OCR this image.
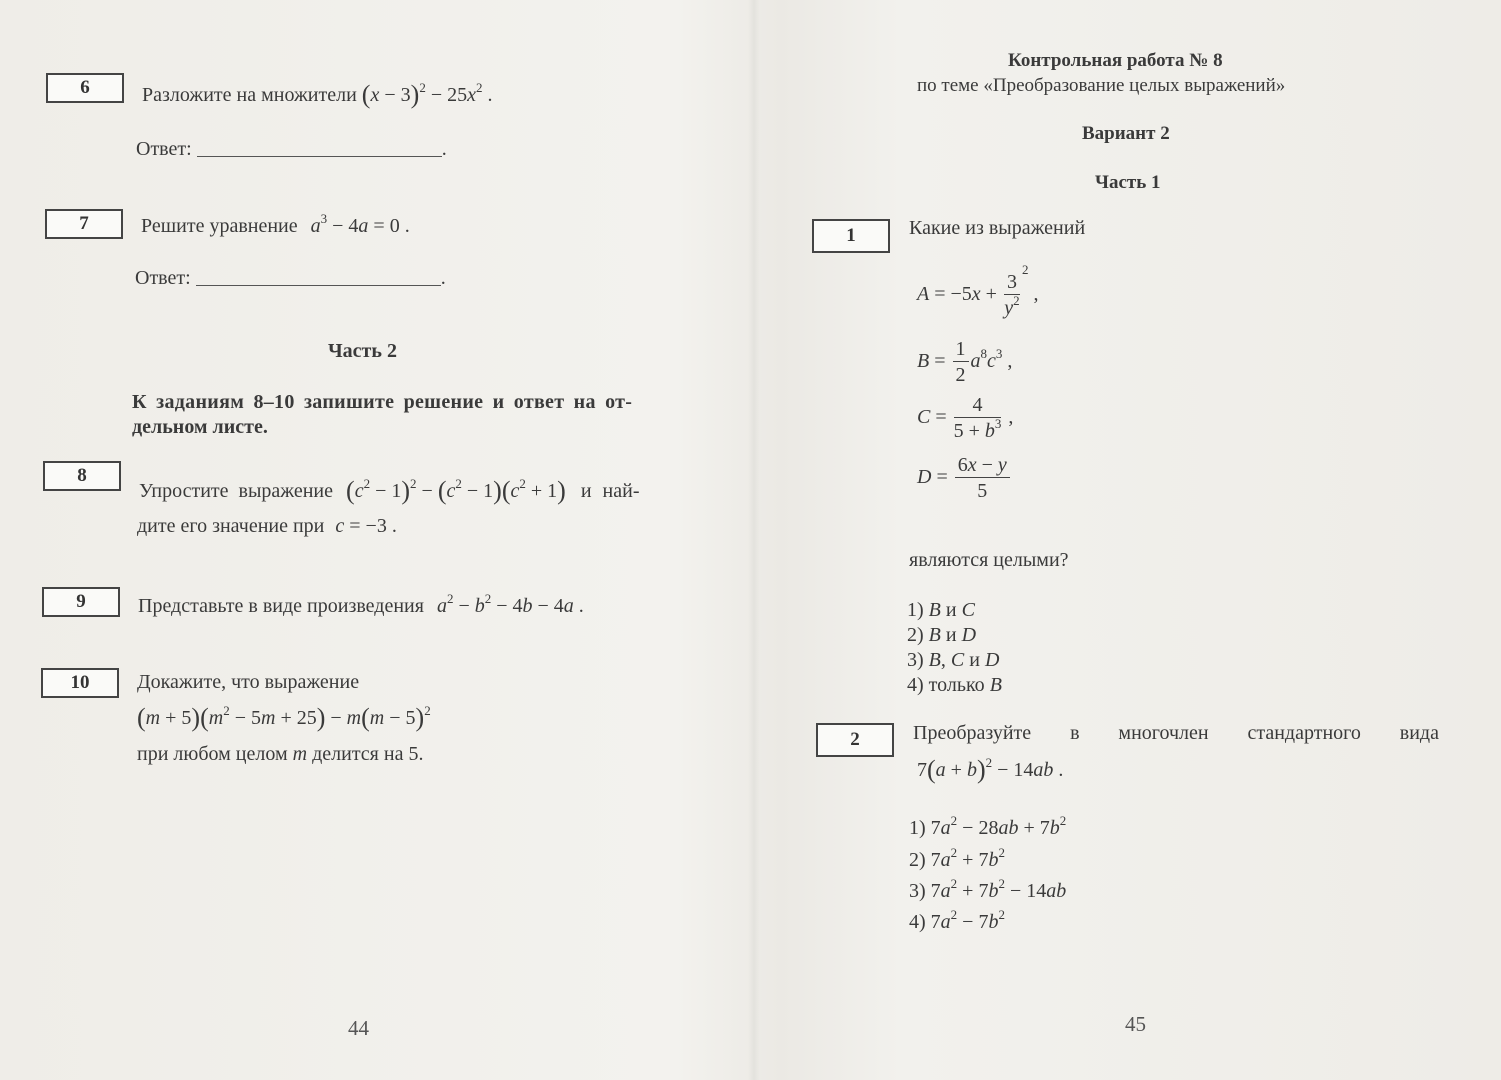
6	Разложите на множители $(x - 3)^2 - 25x^2$ .
Ответ:	.
7	Решите уравнение $a^3 - 4a = 0$ .
Ответ:	.
Часть 2
К заданиям 8–10 запишите решение и ответ на от-
дельном листе.
8
Упростите выражение $(c^2 - 1)^2 - (c^2 - 1)(c^2 + 1)$ и най-
дите его значение при c = −3 .
9	Представьте в виде произведения $a^2 - b^2 - 4b - 4a$ .
10	Докажите, что выражение
$(m + 5)(m^2 - 5m + 25) - m(m - 5)^2$
при любом целом m делится на 5.
44
Контрольная работа № 8
по теме «Преобразование целых выражений»
Вариант 2
Часть 1
1	Какие из выражений
$A = -5x + \frac{3}{y^2}$
$^2$ ,
$B = \frac{1}{2} a^8c^3$ ,
$C = \frac{4}{5 + b^3}$ ,
$D = \frac{6x - y}{5}$
являются целыми?
1) B и C
2) B и D
3) B, C и D
4) только B
2	Преобразуйте в многочлен стандартного вида
$7(a + b)^2 - 14ab$ .
1) $7a^2 - 28ab + 7b^2$
2) $7a^2 + 7b^2$
3) $7a^2 + 7b^2 - 14ab$
4) $7a^2 - 7b^2$
45
